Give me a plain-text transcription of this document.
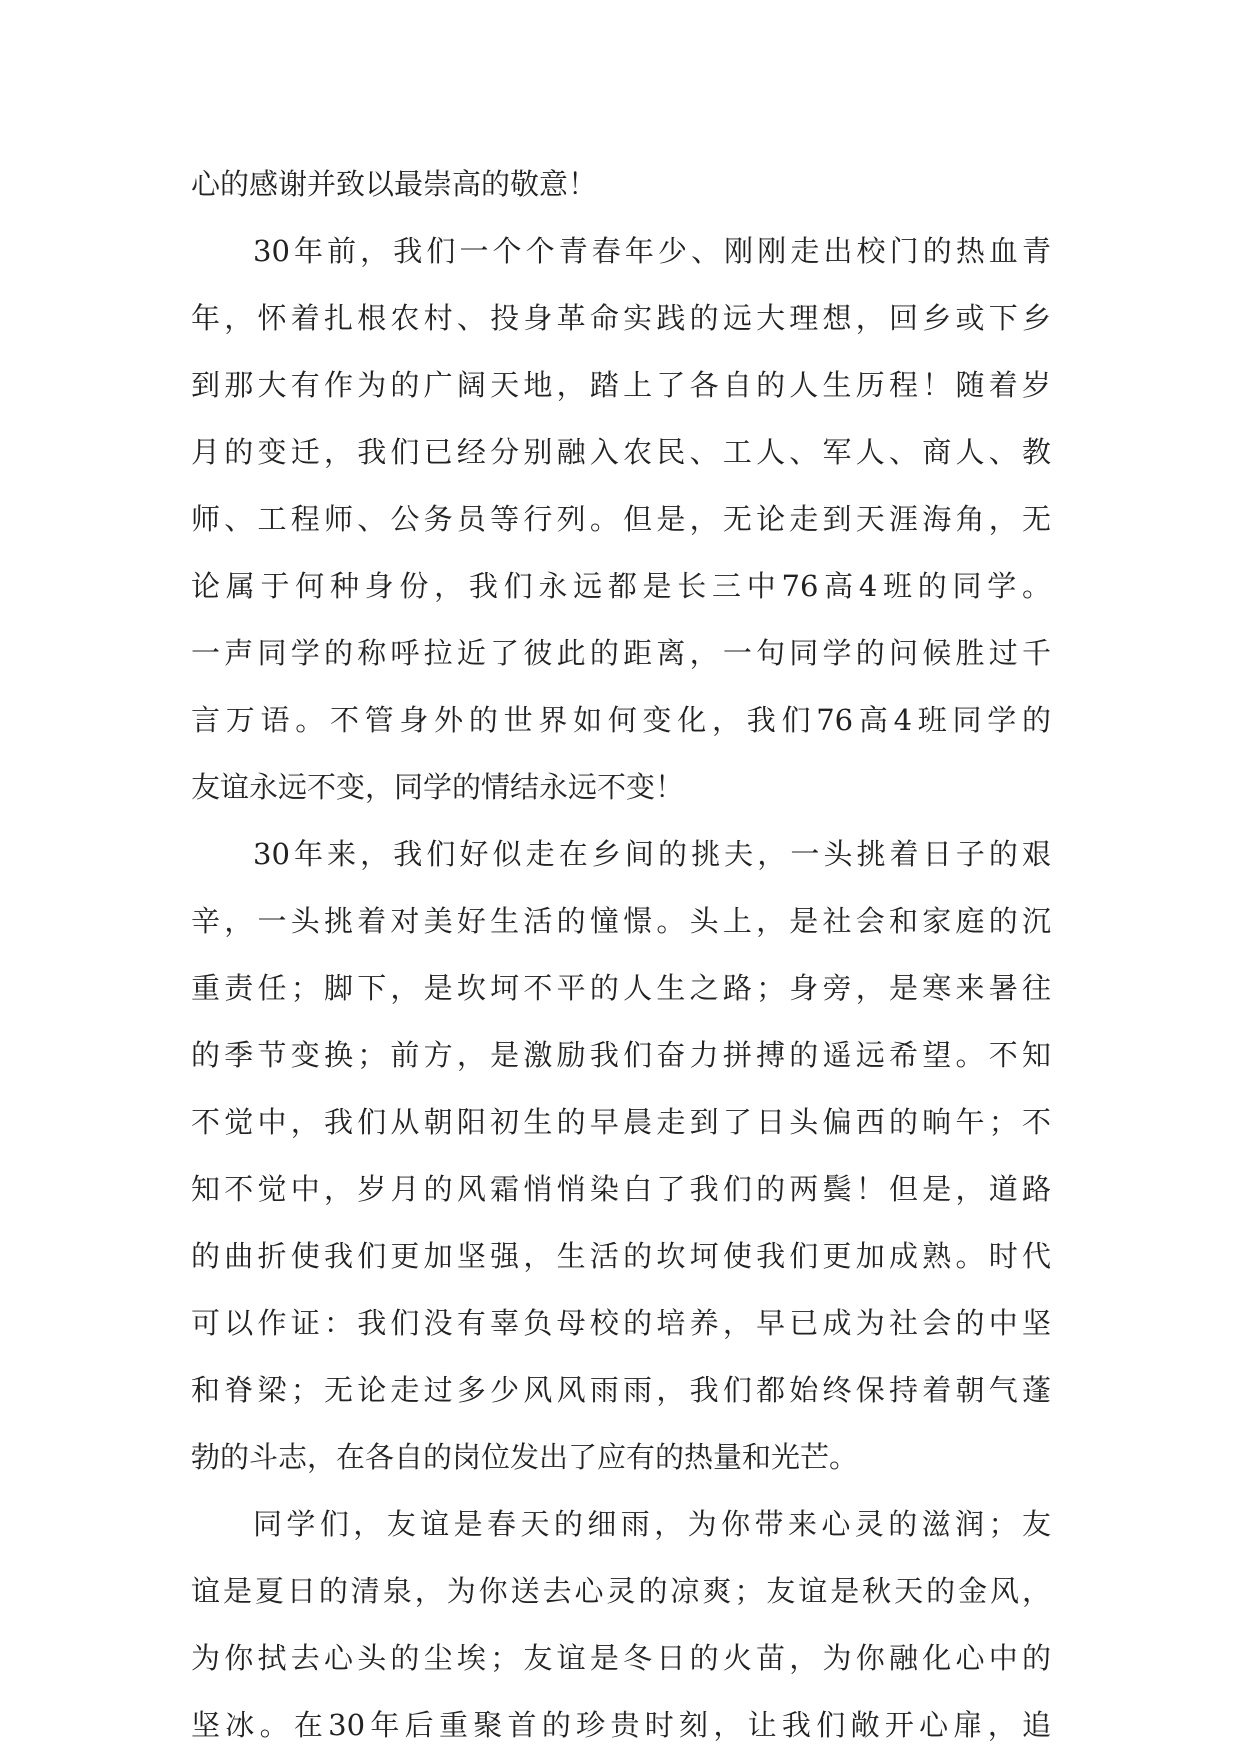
心的感谢并致以最崇高的敬意！
30年前，我们一个个青春年少、刚刚走出校门的热血青
年，怀着扎根农村、投身革命实践的远大理想，回乡或下乡
到那大有作为的广阔天地，踏上了各自的人生历程！随着岁
月的变迁，我们已经分别融入农民、工人、军人、商人、教
师、工程师、公务员等行列。但是，无论走到天涯海角，无
论属于何种身份，我们永远都是长三中76高4班的同学。
一声同学的称呼拉近了彼此的距离，一句同学的问候胜过千
言万语。不管身外的世界如何变化，我们76高4班同学的
友谊永远不变，同学的情结永远不变！
30年来，我们好似走在乡间的挑夫，一头挑着日子的艰
辛，一头挑着对美好生活的憧憬。头上，是社会和家庭的沉
重责任；脚下，是坎坷不平的人生之路；身旁，是寒来暑往
的季节变换；前方，是激励我们奋力拼搏的遥远希望。不知
不觉中，我们从朝阳初生的早晨走到了日头偏西的晌午；不
知不觉中，岁月的风霜悄悄染白了我们的两鬓！但是，道路
的曲折使我们更加坚强，生活的坎坷使我们更加成熟。时代
可以作证：我们没有辜负母校的培养，早已成为社会的中坚
和脊梁；无论走过多少风风雨雨，我们都始终保持着朝气蓬
勃的斗志，在各自的岗位发出了应有的热量和光芒。
同学们，友谊是春天的细雨，为你带来心灵的滋润；友
谊是夏日的清泉，为你送去心灵的凉爽；友谊是秋天的金风，
为你拭去心头的尘埃；友谊是冬日的火苗，为你融化心中的
坚冰。在30年后重聚首的珍贵时刻，让我们敞开心扉，追
